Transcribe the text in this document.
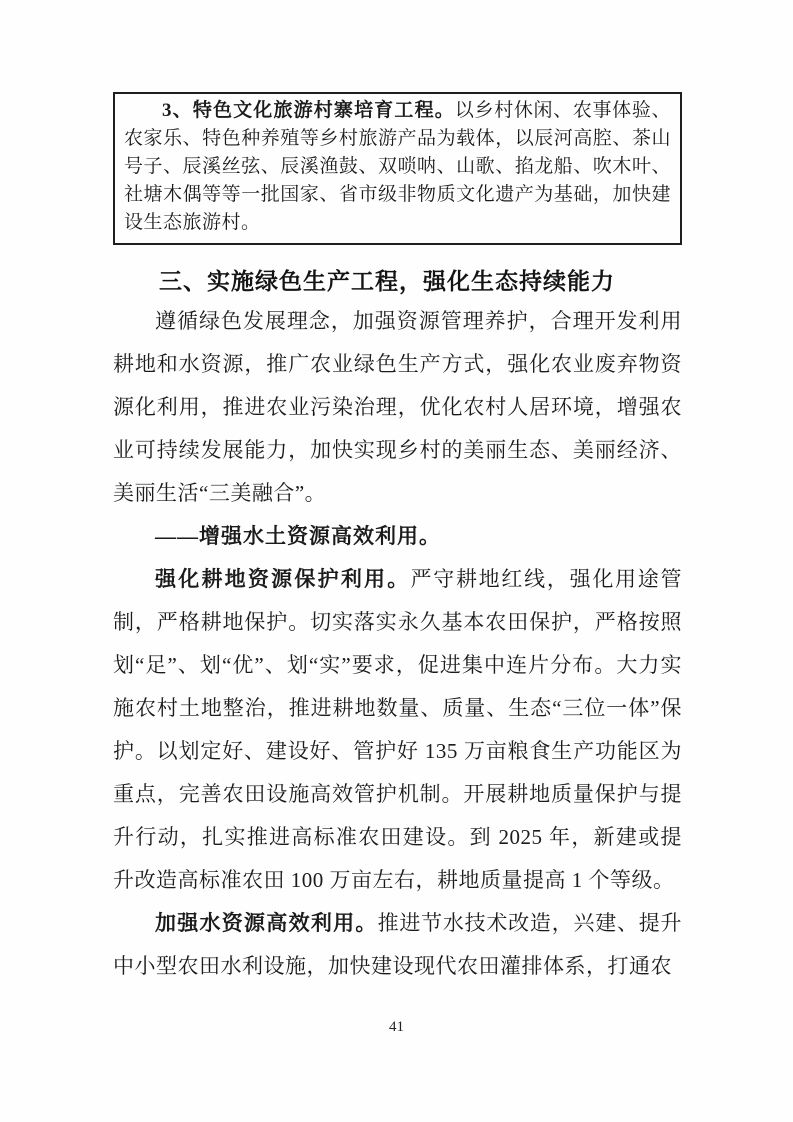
3、特色文化旅游村寨培育工程。以乡村休闲、农事体验、农家乐、特色种养殖等乡村旅游产品为载体，以辰河高腔、茶山号子、辰溪丝弦、辰溪渔鼓、双唢呐、山歌、掐龙船、吹木叶、社塘木偶等等一批国家、省市级非物质文化遗产为基础，加快建设生态旅游村。

三、实施绿色生产工程，强化生态持续能力

遵循绿色发展理念，加强资源管理养护，合理开发利用耕地和水资源，推广农业绿色生产方式，强化农业废弃物资源化利用，推进农业污染治理，优化农村人居环境，增强农业可持续发展能力，加快实现乡村的美丽生态、美丽经济、美丽生活“三美融合”。

——增强水土资源高效利用。

强化耕地资源保护利用。严守耕地红线，强化用途管制，严格耕地保护。切实落实永久基本农田保护，严格按照划“足”、划“优”、划“实”要求，促进集中连片分布。大力实施农村土地整治，推进耕地数量、质量、生态“三位一体”保护。以划定好、建设好、管护好 135 万亩粮食生产功能区为重点，完善农田设施高效管护机制。开展耕地质量保护与提升行动，扎实推进高标准农田建设。到 2025 年，新建或提升改造高标准农田 100 万亩左右，耕地质量提高 1 个等级。

加强水资源高效利用。推进节水技术改造，兴建、提升中小型农田水利设施，加快建设现代农田灌排体系，打通农

41
